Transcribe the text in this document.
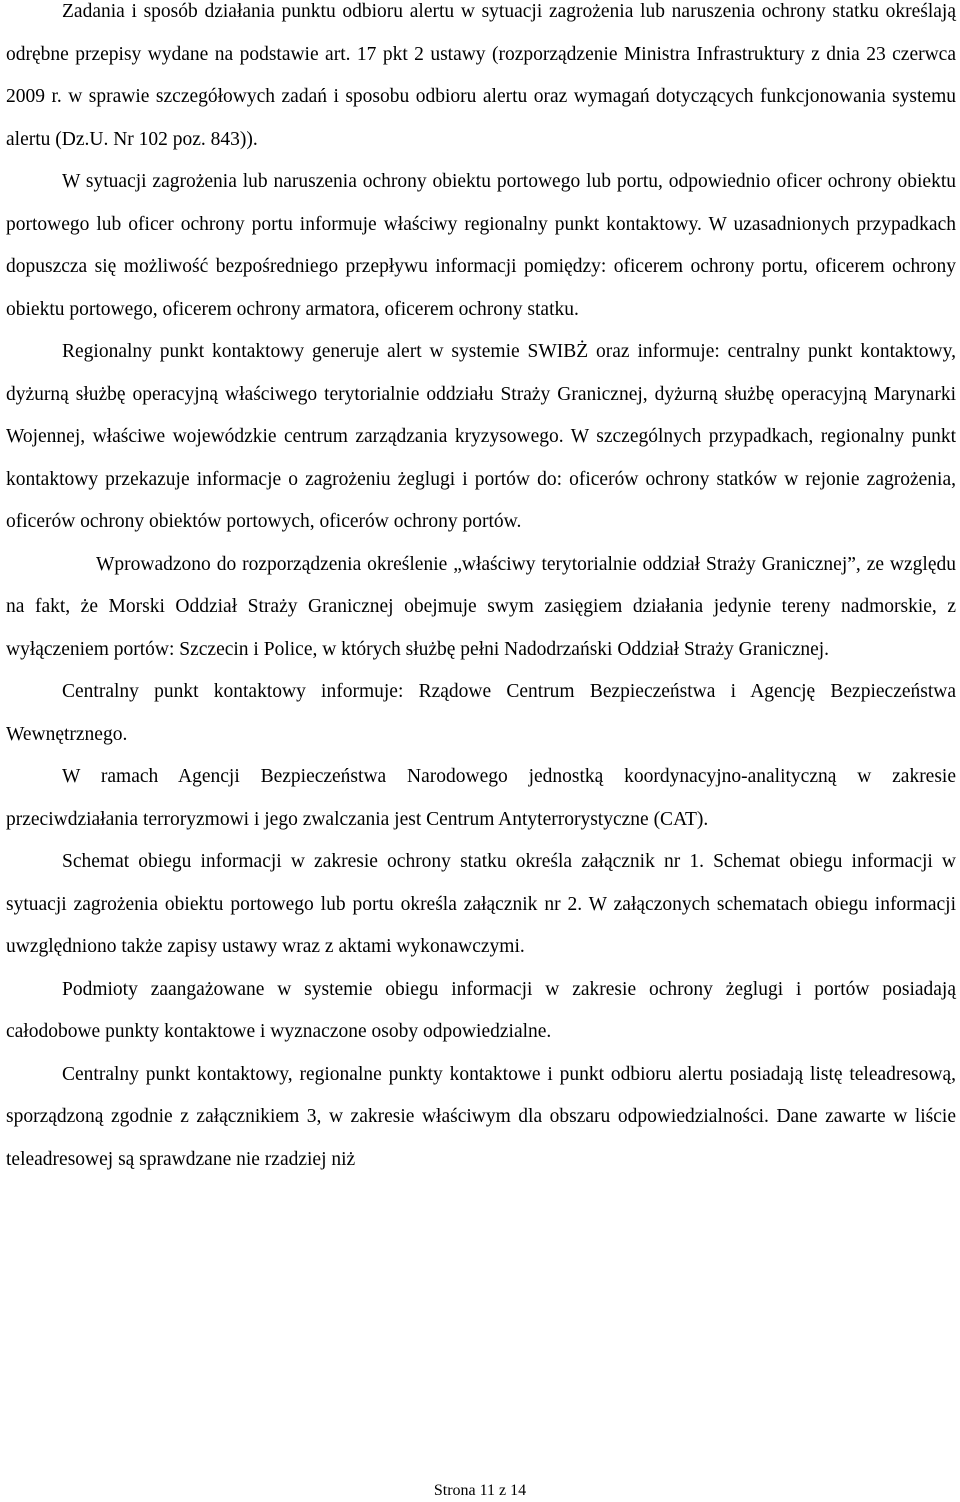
Zadania i sposób działania punktu odbioru alertu w sytuacji zagrożenia lub naruszenia ochrony statku określają odrębne przepisy wydane na podstawie art. 17 pkt 2 ustawy (rozporządzenie Ministra Infrastruktury z dnia 23 czerwca 2009 r. w sprawie szczegółowych zadań i sposobu odbioru alertu oraz wymagań dotyczących funkcjonowania systemu alertu (Dz.U. Nr 102 poz. 843)).

W sytuacji zagrożenia lub naruszenia ochrony obiektu portowego lub portu, odpowiednio oficer ochrony obiektu portowego lub oficer ochrony portu informuje właściwy regionalny punkt kontaktowy. W uzasadnionych przypadkach dopuszcza się możliwość bezpośredniego przepływu informacji pomiędzy: oficerem ochrony portu, oficerem ochrony obiektu portowego, oficerem ochrony armatora, oficerem ochrony statku.

Regionalny punkt kontaktowy generuje alert w systemie SWIBŻ oraz informuje: centralny punkt kontaktowy, dyżurną służbę operacyjną właściwego terytorialnie oddziału Straży Granicznej, dyżurną służbę operacyjną Marynarki Wojennej, właściwe wojewódzkie centrum zarządzania kryzysowego. W szczególnych przypadkach, regionalny punkt kontaktowy przekazuje informacje o zagrożeniu żeglugi i portów do: oficerów ochrony statków w rejonie zagrożenia, oficerów ochrony obiektów portowych, oficerów ochrony portów.

Wprowadzono do rozporządzenia określenie „właściwy terytorialnie oddział Straży Granicznej”, ze względu na fakt, że Morski Oddział Straży Granicznej obejmuje swym zasięgiem działania jedynie tereny nadmorskie, z wyłączeniem portów: Szczecin i Police, w których służbę pełni Nadodrzański Oddział Straży Granicznej.

Centralny punkt kontaktowy informuje: Rządowe Centrum Bezpieczeństwa i Agencję Bezpieczeństwa Wewnętrznego.

W ramach Agencji Bezpieczeństwa Narodowego jednostką koordynacyjno-analityczną w zakresie przeciwdziałania terroryzmowi i jego zwalczania jest Centrum Antyterrorystyczne (CAT).

Schemat obiegu informacji w zakresie ochrony statku określa załącznik nr 1. Schemat obiegu informacji w sytuacji zagrożenia obiektu portowego lub portu określa załącznik nr 2. W załączonych schematach obiegu informacji uwzględniono także zapisy ustawy wraz z aktami wykonawczymi.

Podmioty zaangażowane w systemie obiegu informacji w zakresie ochrony żeglugi i portów posiadają całodobowe punkty kontaktowe i wyznaczone osoby odpowiedzialne.

Centralny punkt kontaktowy, regionalne punkty kontaktowe i punkt odbioru alertu posiadają listę teleadresową, sporządzoną zgodnie z załącznikiem 3, w zakresie właściwym dla obszaru odpowiedzialności. Dane zawarte w liście teleadresowej są sprawdzane nie rzadziej niż

Strona 11 z 14
